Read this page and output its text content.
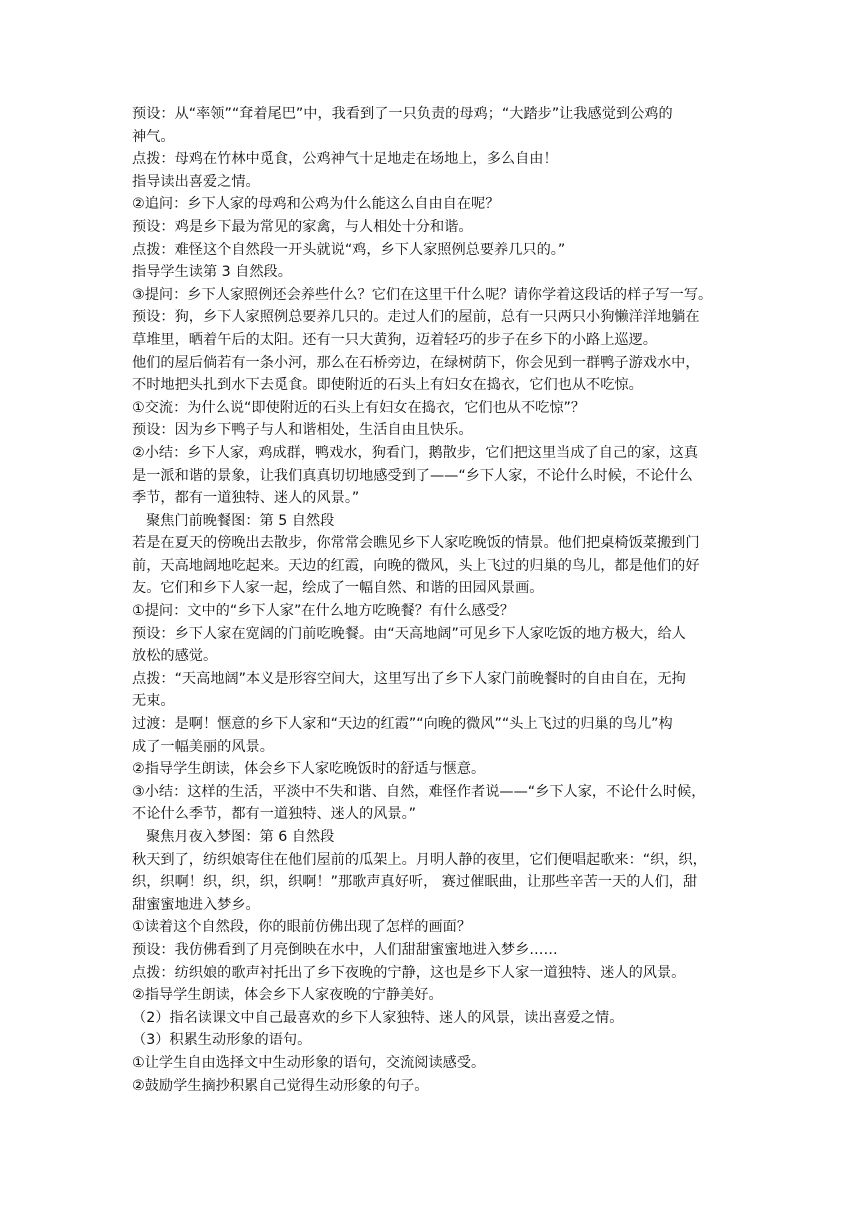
预设：从“率领”“耷着尾巴”中，我看到了一只负责的母鸡；“大踏步”让我感觉到公鸡的
神气。
点拨：母鸡在竹林中觅食，公鸡神气十足地走在场地上，多么自由！
指导读出喜爱之情。
②追问：乡下人家的母鸡和公鸡为什么能这么自由自在呢？
预设：鸡是乡下最为常见的家禽，与人相处十分和谐。
点拨：难怪这个自然段一开头就说“鸡，乡下人家照例总要养几只的。”
指导学生读第 3 自然段。
③提问：乡下人家照例还会养些什么？它们在这里干什么呢？请你学着这段话的样子写一写。
预设：狗，乡下人家照例总要养几只的。走过人们的屋前，总有一只两只小狗懒洋洋地躺在
草堆里，晒着午后的太阳。还有一只大黄狗，迈着轻巧的步子在乡下的小路上巡逻。
他们的屋后倘若有一条小河，那么在石桥旁边，在绿树荫下，你会见到一群鸭子游戏水中，
不时地把头扎到水下去觅食。即使附近的石头上有妇女在捣衣，它们也从不吃惊。
①交流：为什么说“即使附近的石头上有妇女在捣衣，它们也从不吃惊”？
预设：因为乡下鸭子与人和谐相处，生活自由且快乐。
②小结：乡下人家，鸡成群，鸭戏水，狗看门，鹅散步，它们把这里当成了自己的家，这真
是一派和谐的景象，让我们真真切切地感受到了——“乡下人家，不论什么时候，不论什么
季节，都有一道独特、迷人的风景。”
聚焦门前晚餐图：第 5 自然段
若是在夏天的傍晚出去散步，你常常会瞧见乡下人家吃晚饭的情景。他们把桌椅饭菜搬到门
前，天高地阔地吃起来。天边的红霞，向晚的微风，头上飞过的归巢的鸟儿，都是他们的好
友。它们和乡下人家一起，绘成了一幅自然、和谐的田园风景画。
①提问：文中的“乡下人家”在什么地方吃晚餐？有什么感受？
预设：乡下人家在宽阔的门前吃晚餐。由“天高地阔”可见乡下人家吃饭的地方极大，给人
放松的感觉。
点拨：“天高地阔”本义是形容空间大，这里写出了乡下人家门前晚餐时的自由自在，无拘
无束。
过渡：是啊！惬意的乡下人家和“天边的红霞”“向晚的微风”“头上飞过的归巢的鸟儿”构
成了一幅美丽的风景。
②指导学生朗读，体会乡下人家吃晚饭时的舒适与惬意。
③小结：这样的生活，平淡中不失和谐、自然，难怪作者说——“乡下人家，不论什么时候，
不论什么季节，都有一道独特、迷人的风景。”
聚焦月夜入梦图：第 6 自然段
秋天到了，纺织娘寄住在他们屋前的瓜架上。月明人静的夜里，它们便唱起歌来：“织，织，
织，织啊！织，织，织，织啊！”那歌声真好听， 赛过催眠曲，让那些辛苦一天的人们，甜
甜蜜蜜地进入梦乡。
①读着这个自然段，你的眼前仿佛出现了怎样的画面？
预设：我仿佛看到了月亮倒映在水中，人们甜甜蜜蜜地进入梦乡……
点拨：纺织娘的歌声衬托出了乡下夜晚的宁静，这也是乡下人家一道独特、迷人的风景。
②指导学生朗读，体会乡下人家夜晚的宁静美好。
（2）指名读课文中自己最喜欢的乡下人家独特、迷人的风景，读出喜爱之情。
（3）积累生动形象的语句。
①让学生自由选择文中生动形象的语句，交流阅读感受。
②鼓励学生摘抄积累自己觉得生动形象的句子。
